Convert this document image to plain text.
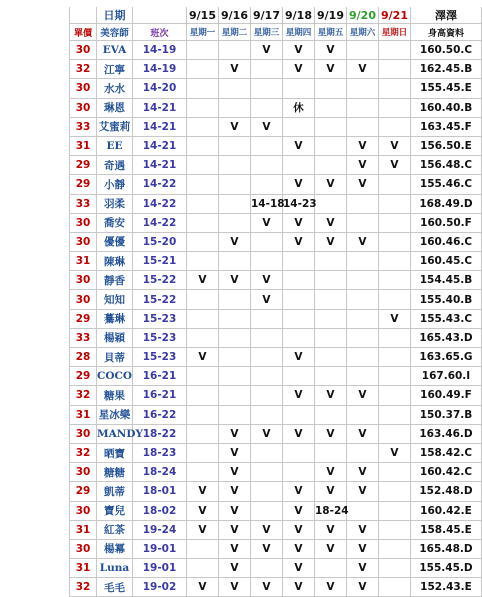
	日期		9/15	9/16	9/17	9/18	9/19	9/20	9/21	澤澤
單價	美容師	班次	星期一	星期二	星期三	星期四	星期五	星期六	星期日	身高資料
30	EVA	14-19			V	V	V			160.50.C
32	江寧	14-19		V		V	V	V		162.45.B
30	水水	14-20								155.45.E
30	琳恩	14-21				休				160.40.B
33	艾蜜莉	14-21		V	V					163.45.F
31	EE	14-21				V		V	V	156.50.E
29	奇遇	14-21						V	V	156.48.C
29	小靜	14-22				V	V	V		155.46.C
33	羽柔	14-22			14-18	14-23				168.49.D
30	喬安	14-22			V	V	V			160.50.F
30	優優	15-20		V		V	V	V		160.46.C
31	陳琳	15-21								160.45.C
30	靜香	15-22	V	V	V					154.45.B
30	知知	15-22			V					155.40.B
29	驀琳	15-23							V	155.43.C
33	楊穎	15-23								165.43.D
28	貝蒂	15-23	V			V				163.65.G
29	COCO	16-21								167.60.I
32	糖果	16-21				V	V	V		160.49.F
31	星冰樂	16-22								150.37.B
30	MANDY	18-22		V	V	V	V	V		163.46.D
32	晒寶	18-23		V					V	158.42.C
30	糖糖	18-24		V			V	V		160.42.C
29	凱蒂	18-01	V	V		V	V	V		152.48.D
30	寶兒	18-02	V	V		V	18-24			160.42.E
31	紅茶	19-24	V	V	V	V	V	V		158.45.E
30	楊冪	19-01		V	V	V	V	V		165.48.D
31	Luna	19-01		V		V		V		155.45.D
32	毛毛	19-02	V	V	V	V	V	V		152.43.E
